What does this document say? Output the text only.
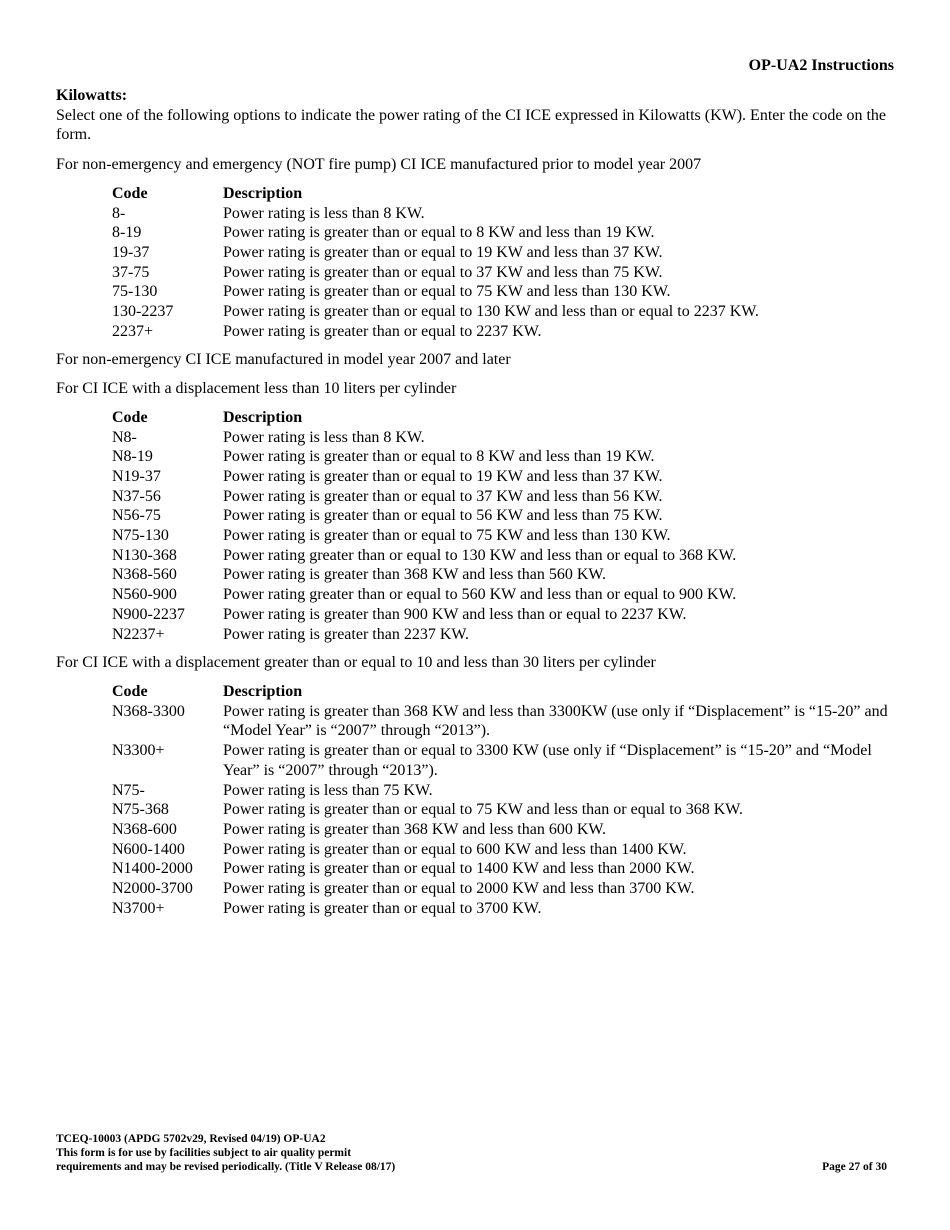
OP-UA2 Instructions

Kilowatts:

Select one of the following options to indicate the power rating of the CI ICE expressed in Kilowatts (KW). Enter the code on the form.

For non-emergency and emergency (NOT fire pump) CI ICE manufactured prior to model year 2007

Code	Description
8-	Power rating is less than 8 KW.
8-19	Power rating is greater than or equal to 8 KW and less than 19 KW.
19-37	Power rating is greater than or equal to 19 KW and less than 37 KW.
37-75	Power rating is greater than or equal to 37 KW and less than 75 KW.
75-130	Power rating is greater than or equal to 75 KW and less than 130 KW.
130-2237	Power rating is greater than or equal to 130 KW and less than or equal to 2237 KW.
2237+	Power rating is greater than or equal to 2237 KW.

For non-emergency CI ICE manufactured in model year 2007 and later

For CI ICE with a displacement less than 10 liters per cylinder

Code	Description
N8-	Power rating is less than 8 KW.
N8-19	Power rating is greater than or equal to 8 KW and less than 19 KW.
N19-37	Power rating is greater than or equal to 19 KW and less than 37 KW.
N37-56	Power rating is greater than or equal to 37 KW and less than 56 KW.
N56-75	Power rating is greater than or equal to 56 KW and less than 75 KW.
N75-130	Power rating is greater than or equal to 75 KW and less than 130 KW.
N130-368	Power rating greater than or equal to 130 KW and less than or equal to 368 KW.
N368-560	Power rating is greater than 368 KW and less than 560 KW.
N560-900	Power rating greater than or equal to 560 KW and less than or equal to 900 KW.
N900-2237	Power rating is greater than 900 KW and less than or equal to 2237 KW.
N2237+	Power rating is greater than 2237 KW.

For CI ICE with a displacement greater than or equal to 10 and less than 30 liters per cylinder

Code	Description
N368-3300	Power rating is greater than 368 KW and less than 3300KW (use only if “Displacement” is “15-20” and “Model Year” is “2007” through “2013”).
N3300+	Power rating is greater than or equal to 3300 KW (use only if “Displacement” is “15-20” and “Model Year” is “2007” through “2013”).
N75-	Power rating is less than 75 KW.
N75-368	Power rating is greater than or equal to 75 KW and less than or equal to 368 KW.
N368-600	Power rating is greater than 368 KW and less than 600 KW.
N600-1400	Power rating is greater than or equal to 600 KW and less than 1400 KW.
N1400-2000	Power rating is greater than or equal to 1400 KW and less than 2000 KW.
N2000-3700	Power rating is greater than or equal to 2000 KW and less than 3700 KW.
N3700+	Power rating is greater than or equal to 3700 KW.
TCEQ-10003 (APDG 5702v29, Revised 04/19) OP-UA2
This form is for use by facilities subject to air quality permit
requirements and may be revised periodically. (Title V Release 08/17)	Page 27 of 30
